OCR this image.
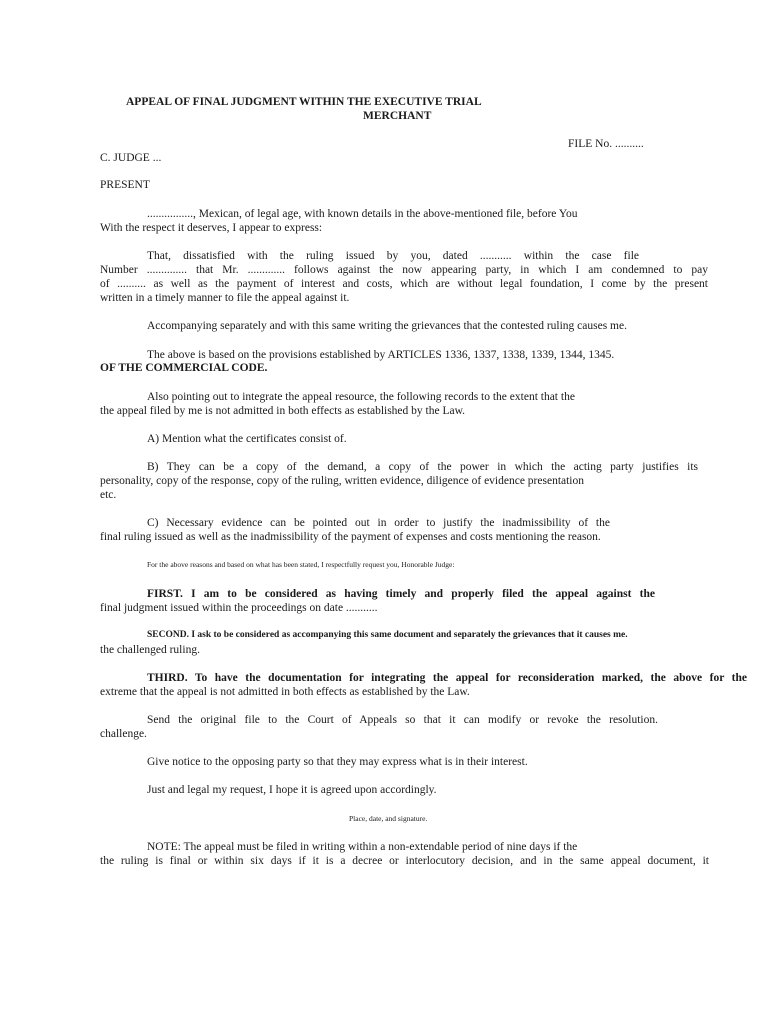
APPEAL OF FINAL JUDGMENT WITHIN THE EXECUTIVE TRIAL
MERCHANT
FILE No. ..........
C. JUDGE ...
PRESENT
................, Mexican, of legal age, with known details in the above-mentioned file, before You
With the respect it deserves, I appear to express:
That, dissatisfied with the ruling issued by you, dated ........... within the case file
Number .............. that Mr. ............. follows against the now appearing party, in which I am condemned to pay
of .......... as well as the payment of interest and costs, which are without legal foundation, I come by the present
written in a timely manner to file the appeal against it.
Accompanying separately and with this same writing the grievances that the contested ruling causes me.
The above is based on the provisions established by ARTICLES 1336, 1337, 1338, 1339, 1344, 1345.
OF THE COMMERCIAL CODE.
Also pointing out to integrate the appeal resource, the following records to the extent that the
the appeal filed by me is not admitted in both effects as established by the Law.
A) Mention what the certificates consist of.
B) They can be a copy of the demand, a copy of the power in which the acting party justifies its
personality, copy of the response, copy of the ruling, written evidence, diligence of evidence presentation
etc.
C) Necessary evidence can be pointed out in order to justify the inadmissibility of the
final ruling issued as well as the inadmissibility of the payment of expenses and costs mentioning the reason.
For the above reasons and based on what has been stated, I respectfully request you, Honorable Judge:
FIRST. I am to be considered as having timely and properly filed the appeal against the
final judgment issued within the proceedings on date ...........
SECOND. I ask to be considered as accompanying this same document and separately the grievances that it causes me.
the challenged ruling.
THIRD. To have the documentation for integrating the appeal for reconsideration marked, the above for the
extreme that the appeal is not admitted in both effects as established by the Law.
Send the original file to the Court of Appeals so that it can modify or revoke the resolution.
challenge.
Give notice to the opposing party so that they may express what is in their interest.
Just and legal my request, I hope it is agreed upon accordingly.
Place, date, and signature.
NOTE: The appeal must be filed in writing within a non-extendable period of nine days if the
the ruling is final or within six days if it is a decree or interlocutory decision, and in the same appeal document, it
